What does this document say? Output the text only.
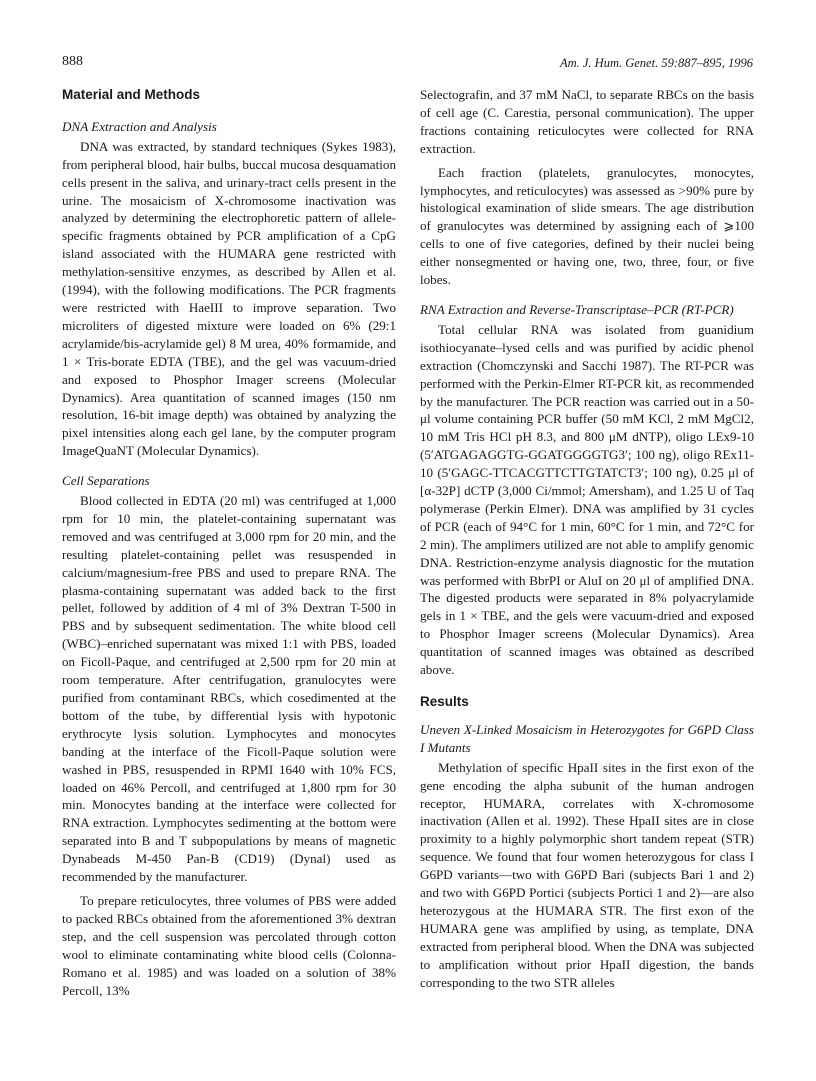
888	Am. J. Hum. Genet. 59:887–895, 1996
Material and Methods
DNA Extraction and Analysis

DNA was extracted, by standard techniques (Sykes 1983), from peripheral blood, hair bulbs, buccal mucosa desquamation cells present in the saliva, and urinary-tract cells present in the urine. The mosaicism of X-chromosome inactivation was analyzed by determining the electrophoretic pattern of allele-specific fragments obtained by PCR amplification of a CpG island associated with the HUMARA gene restricted with methylation-sensitive enzymes, as described by Allen et al. (1994), with the following modifications. The PCR fragments were restricted with HaeIII to improve separation. Two microliters of digested mixture were loaded on 6% (29:1 acrylamide/bis-acrylamide gel) 8 M urea, 40% formamide, and 1 × Tris-borate EDTA (TBE), and the gel was vacuum-dried and exposed to Phosphor Imager screens (Molecular Dynamics). Area quantitation of scanned images (150 nm resolution, 16-bit image depth) was obtained by analyzing the pixel intensities along each gel lane, by the computer program ImageQuaNT (Molecular Dynamics).

Cell Separations

Blood collected in EDTA (20 ml) was centrifuged at 1,000 rpm for 10 min, the platelet-containing supernatant was removed and was centrifuged at 3,000 rpm for 20 min, and the resulting platelet-containing pellet was resuspended in calcium/magnesium-free PBS and used to prepare RNA. The plasma-containing supernatant was added back to the first pellet, followed by addition of 4 ml of 3% Dextran T-500 in PBS and by subsequent sedimentation. The white blood cell (WBC)–enriched supernatant was mixed 1:1 with PBS, loaded on Ficoll-Paque, and centrifuged at 2,500 rpm for 20 min at room temperature. After centrifugation, granulocytes were purified from contaminant RBCs, which cosedimented at the bottom of the tube, by differential lysis with hypotonic erythrocyte lysis solution. Lymphocytes and monocytes banding at the interface of the Ficoll-Paque solution were washed in PBS, resuspended in RPMI 1640 with 10% FCS, loaded on 46% Percoll, and centrifuged at 1,800 rpm for 30 min. Monocytes banding at the interface were collected for RNA extraction. Lymphocytes sedimenting at the bottom were separated into B and T subpopulations by means of magnetic Dynabeads M-450 Pan-B (CD19) (Dynal) used as recommended by the manufacturer.

To prepare reticulocytes, three volumes of PBS were added to packed RBCs obtained from the aforementioned 3% dextran step, and the cell suspension was percolated through cotton wool to eliminate contaminating white blood cells (Colonna-Romano et al. 1985) and was loaded on a solution of 38% Percoll, 13%

Selectografin, and 37 mM NaCl, to separate RBCs on the basis of cell age (C. Carestia, personal communication). The upper fractions containing reticulocytes were collected for RNA extraction.

Each fraction (platelets, granulocytes, monocytes, lymphocytes, and reticulocytes) was assessed as >90% pure by histological examination of slide smears. The age distribution of granulocytes was determined by assigning each of ⩾100 cells to one of five categories, defined by their nuclei being either nonsegmented or having one, two, three, four, or five lobes.

RNA Extraction and Reverse-Transcriptase–PCR (RT-PCR)

Total cellular RNA was isolated from guanidium isothiocyanate–lysed cells and was purified by acidic phenol extraction (Chomczynski and Sacchi 1987). The RT-PCR was performed with the Perkin-Elmer RT-PCR kit, as recommended by the manufacturer. The PCR reaction was carried out in a 50-μl volume containing PCR buffer (50 mM KCl, 2 mM MgCl2, 10 mM Tris HCl pH 8.3, and 800 μM dNTP), oligo LEx9-10 (5′ATGAGAGGTG-GGATGGGGTG3′; 100 ng), oligo REx11-10 (5′GAGC-TTCACGTTCTTGTATCT3′; 100 ng), 0.25 μl of [α-32P] dCTP (3,000 Ci/mmol; Amersham), and 1.25 U of Taq polymerase (Perkin Elmer). DNA was amplified by 31 cycles of PCR (each of 94°C for 1 min, 60°C for 1 min, and 72°C for 2 min). The amplimers utilized are not able to amplify genomic DNA. Restriction-enzyme analysis diagnostic for the mutation was performed with BbrPI or AluI on 20 μl of amplified DNA. The digested products were separated in 8% polyacrylamide gels in 1 × TBE, and the gels were vacuum-dried and exposed to Phosphor Imager screens (Molecular Dynamics). Area quantitation of scanned images was obtained as described above.

Results
Uneven X-Linked Mosaicism in Heterozygotes for G6PD Class I Mutants

Methylation of specific HpaII sites in the first exon of the gene encoding the alpha subunit of the human androgen receptor, HUMARA, correlates with X-chromosome inactivation (Allen et al. 1992). These HpaII sites are in close proximity to a highly polymorphic short tandem repeat (STR) sequence. We found that four women heterozygous for class I G6PD variants—two with G6PD Bari (subjects Bari 1 and 2) and two with G6PD Portici (subjects Portici 1 and 2)—are also heterozygous at the HUMARA STR. The first exon of the HUMARA gene was amplified by using, as template, DNA extracted from peripheral blood. When the DNA was subjected to amplification without prior HpaII digestion, the bands corresponding to the two STR alleles
